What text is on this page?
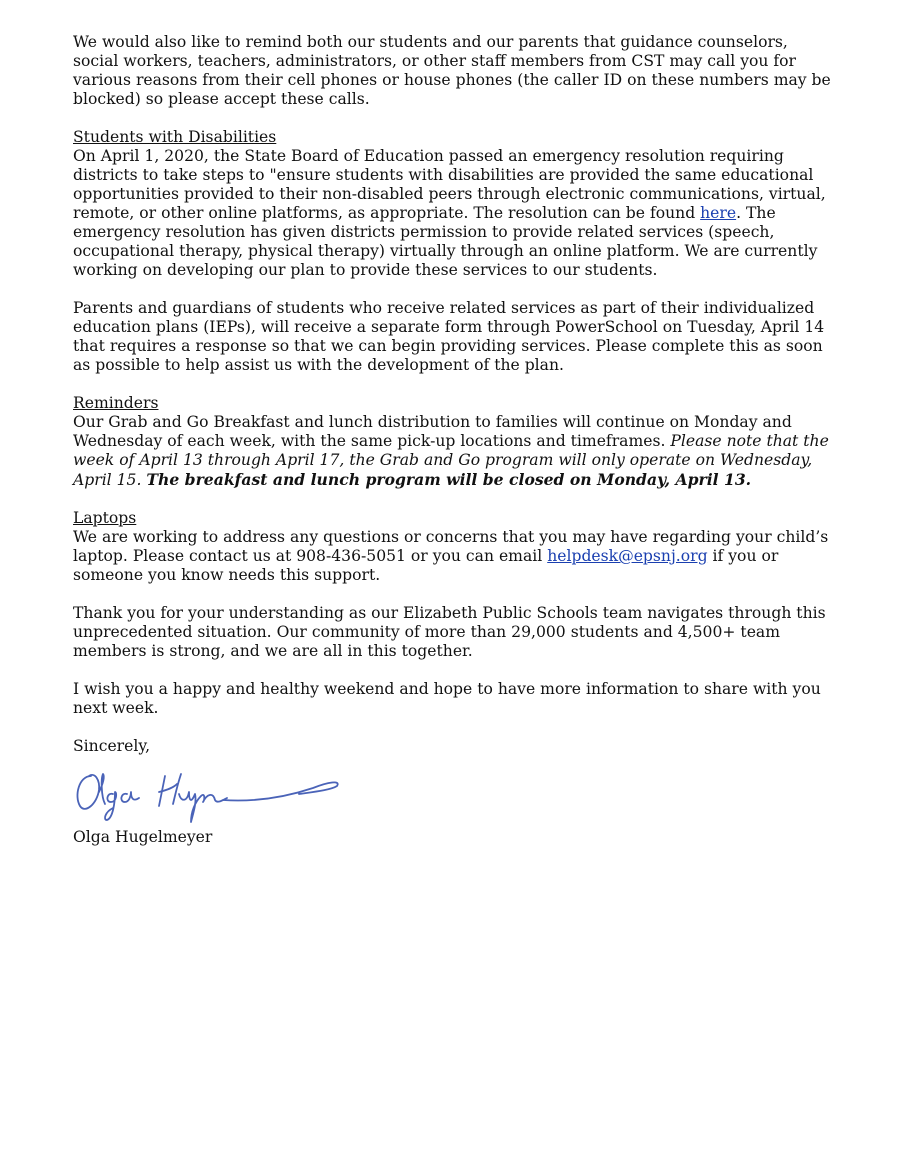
We would also like to remind both our students and our parents that guidance counselors, social workers, teachers, administrators, or other staff members from CST may call you for various reasons from their cell phones or house phones (the caller ID on these numbers may be blocked) so please accept these calls.

Students with Disabilities

On April 1, 2020, the State Board of Education passed an emergency resolution requiring districts to take steps to "ensure students with disabilities are provided the same educational opportunities provided to their non-disabled peers through electronic communications, virtual, remote, or other online platforms, as appropriate. The resolution can be found here. The emergency resolution has given districts permission to provide related services (speech, occupational therapy, physical therapy) virtually through an online platform. We are currently working on developing our plan to provide these services to our students.

Parents and guardians of students who receive related services as part of their individualized education plans (IEPs), will receive a separate form through PowerSchool on Tuesday, April 14 that requires a response so that we can begin providing services. Please complete this as soon as possible to help assist us with the development of the plan.

Reminders

Our Grab and Go Breakfast and lunch distribution to families will continue on Monday and Wednesday of each week, with the same pick-up locations and timeframes. Please note that the week of April 13 through April 17, the Grab and Go program will only operate on Wednesday, April 15. The breakfast and lunch program will be closed on Monday, April 13.

Laptops

We are working to address any questions or concerns that you may have regarding your child’s laptop. Please contact us at 908-436-5051 or you can email helpdesk@epsnj.org if you or someone you know needs this support.

Thank you for your understanding as our Elizabeth Public Schools team navigates through this unprecedented situation. Our community of more than 29,000 students and 4,500+ team members is strong, and we are all in this together.

I wish you a happy and healthy weekend and hope to have more information to share with you next week.

Sincerely,

Olga Hugelmeyer
